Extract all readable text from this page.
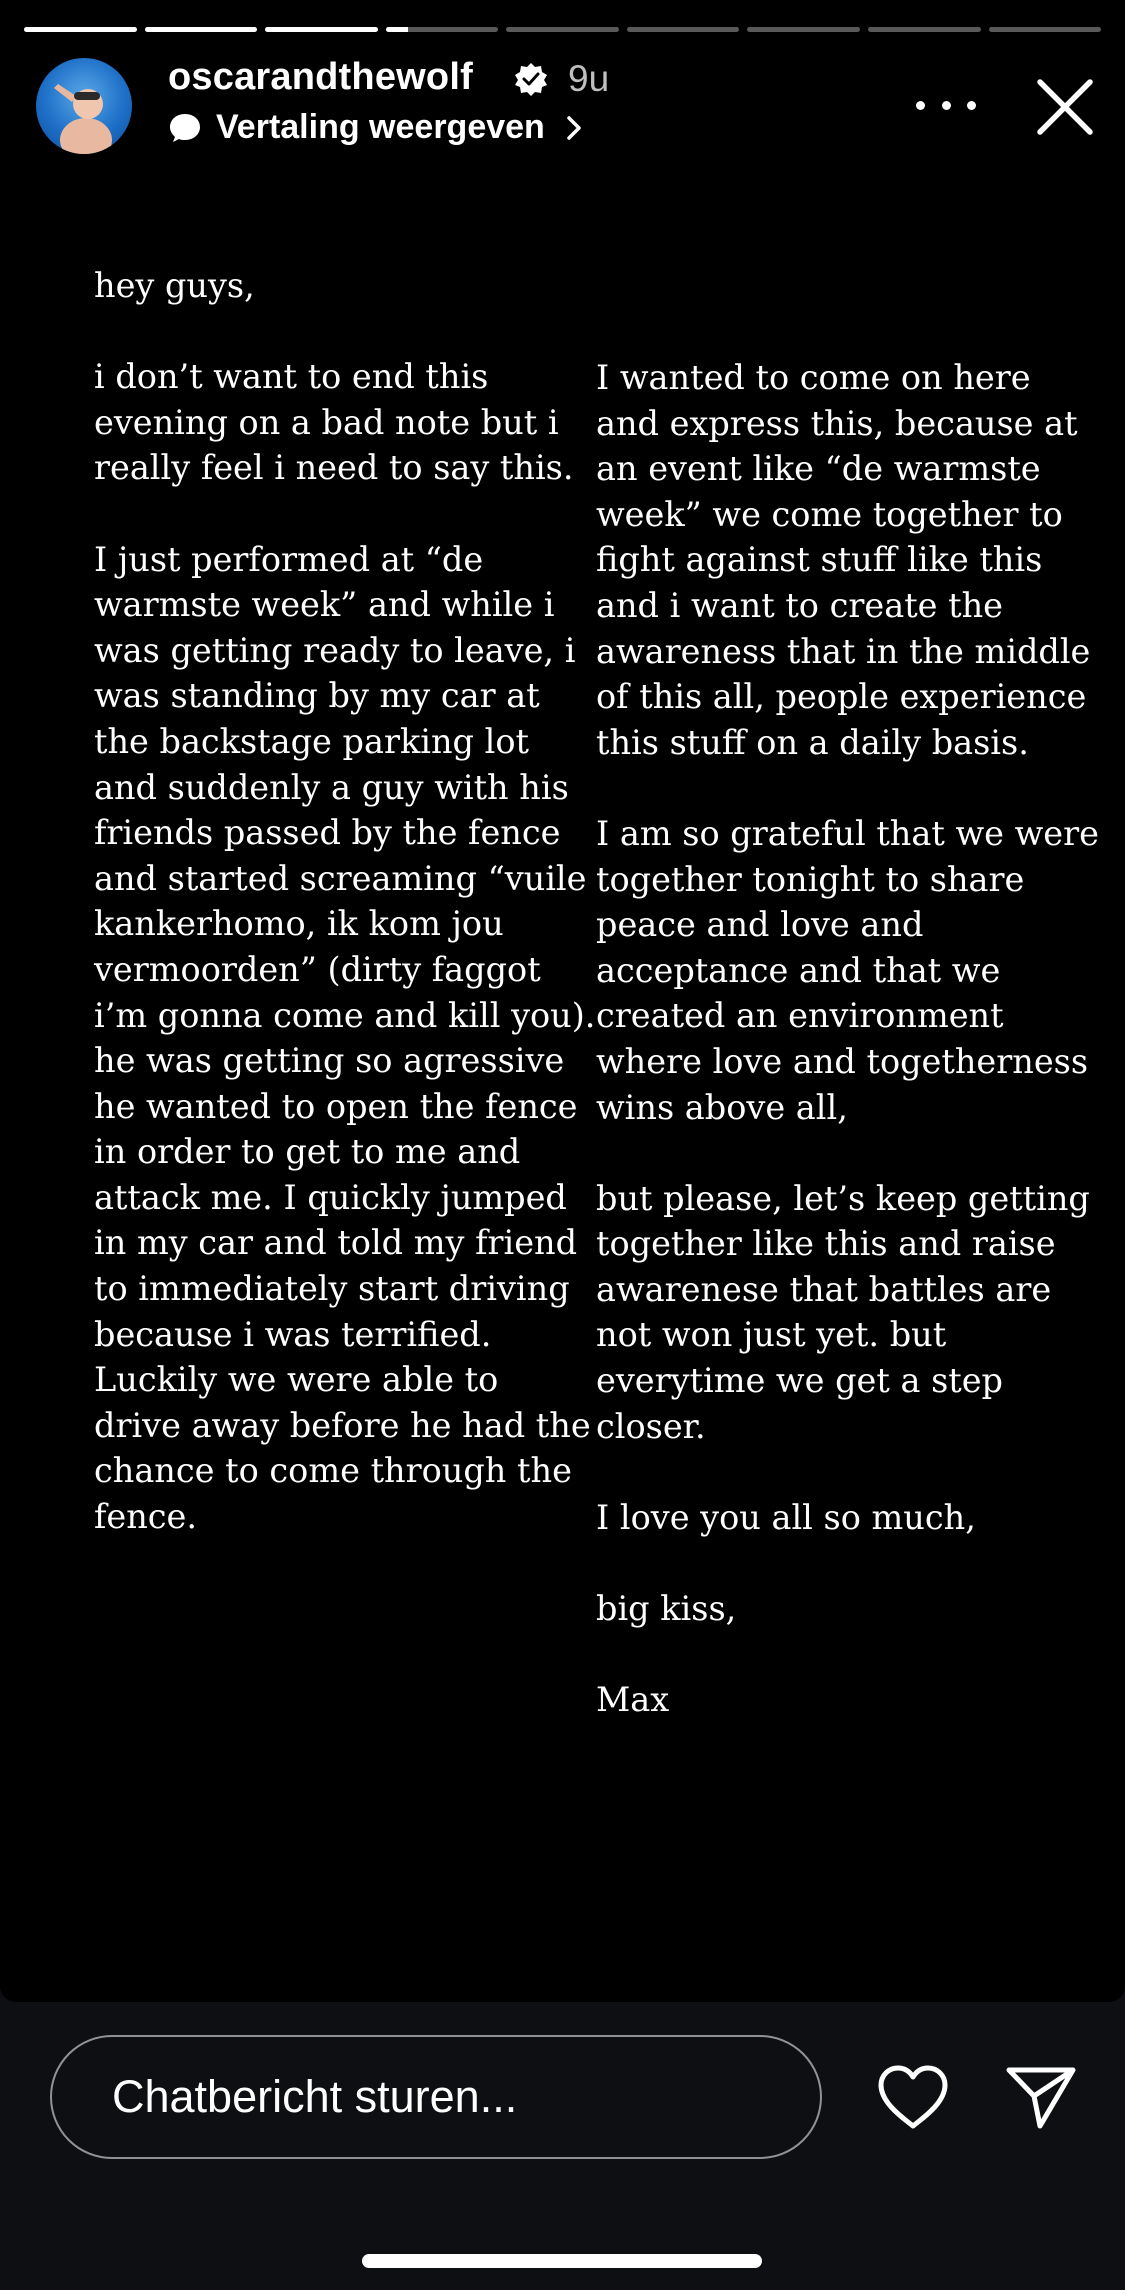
oscarandthewolf	9u
Vertaling weergeven
hey guys,
i don’t want to end this
evening on a bad note but i
really feel i need to say this.
I just performed at “de
warmste week” and while i
was getting ready to leave, i
was standing by my car at
the backstage parking lot
and suddenly a guy with his
friends passed by the fence
and started screaming “vuile
kankerhomo, ik kom jou
vermoorden” (dirty faggot
i’m gonna come and kill you).
he was getting so agressive
he wanted to open the fence
in order to get to me and
attack me. I quickly jumped
in my car and told my friend
to immediately start driving
because i was terrified.
Luckily we were able to
drive away before he had the
chance to come through the
fence.
I wanted to come on here
and express this, because at
an event like “de warmste
week” we come together to
fight against stuff like this
and i want to create the
awareness that in the middle
of this all, people experience
this stuff on a daily basis.
I am so grateful that we were
together tonight to share
peace and love and
acceptance and that we
created an environment
where love and togetherness
wins above all,
but please, let’s keep getting
together like this and raise
awarenese that battles are
not won just yet. but
everytime we get a step
closer.
I love you all so much,
big kiss,
Max
Chatbericht sturen...
